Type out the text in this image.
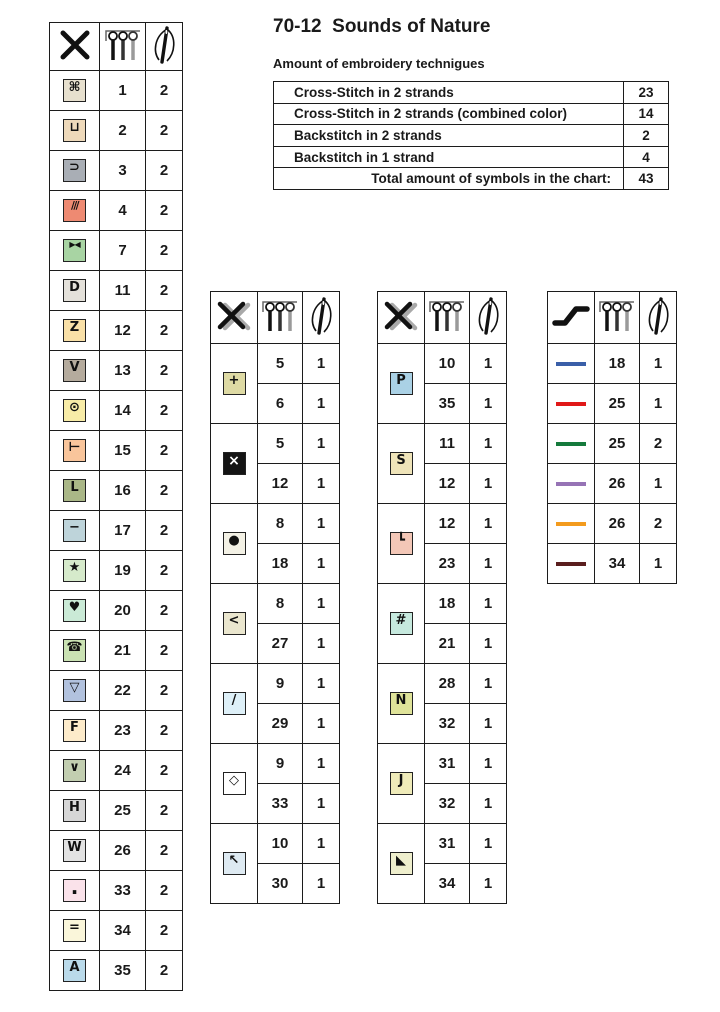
70-12  Sounds of Nature
Amount of embroidery technigues
Cross-Stitch in 2 strands	23
Cross-Stitch in 2 strands (combined color)	14
Backstitch in 2 strands	2
Backstitch in 1 strand	4
Total amount of symbols in the chart:	43

⌘	1	2
⊔	2	2
⊃	3	2
///	4	2
▶◀	7	2
D	11	2
Z	12	2
V	13	2
⊙	14	2
⊢	15	2
L	16	2
−	17	2
★	19	2
♥	20	2
☎	21	2
▽	22	2
F	23	2
∨	24	2
H	25	2
W	26	2
·	33	2
=	34	2
A	35	2

+	5	1
	6	1
×	5	1
	12	1
●	8	1
	18	1
<	8	1
	27	1
/	9	1
	29	1
◇	9	1
	33	1
↖	10	1
	30	1

P	10	1
	35	1
S	11	1
	12	1
┗	12	1
	23	1
#	18	1
	21	1
N	28	1
	32	1
J	31	1
	32	1
◣	31	1
	34	1

	18	1
	25	1
	25	2
	26	1
	26	2
	34	1
